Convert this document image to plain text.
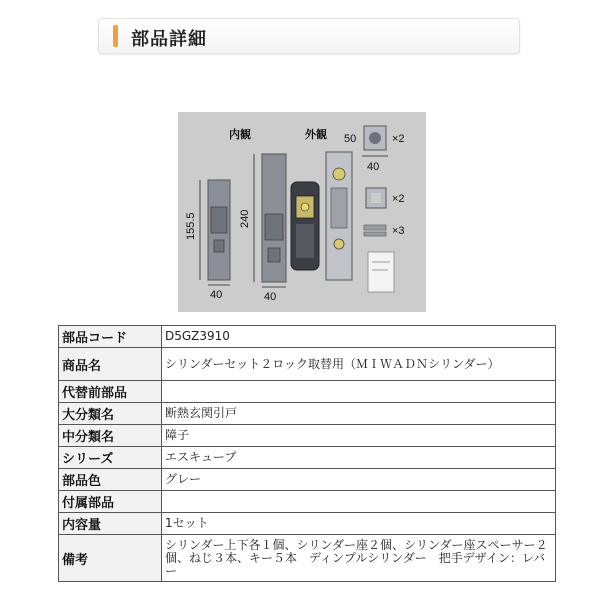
部品詳細
内観	外観
155.5	240
40	40
50
40
×2
×2
×3
部品コード	D5GZ3910
商品名	シリンダーセット２ロック取替用（ＭＩＷＡＤＮシリンダー）
代替前部品	
大分類名	断熱玄関引戸
中分類名	障子
シリーズ	エスキューブ
部品色	グレー
付属部品	
内容量	1セット
備考	シリンダー上下各１個、シリンダー座２個、シリンダー座スペーサー２個、ねじ３本、キー５本　ディンプルシリンダー　把手デザイン：レバー
